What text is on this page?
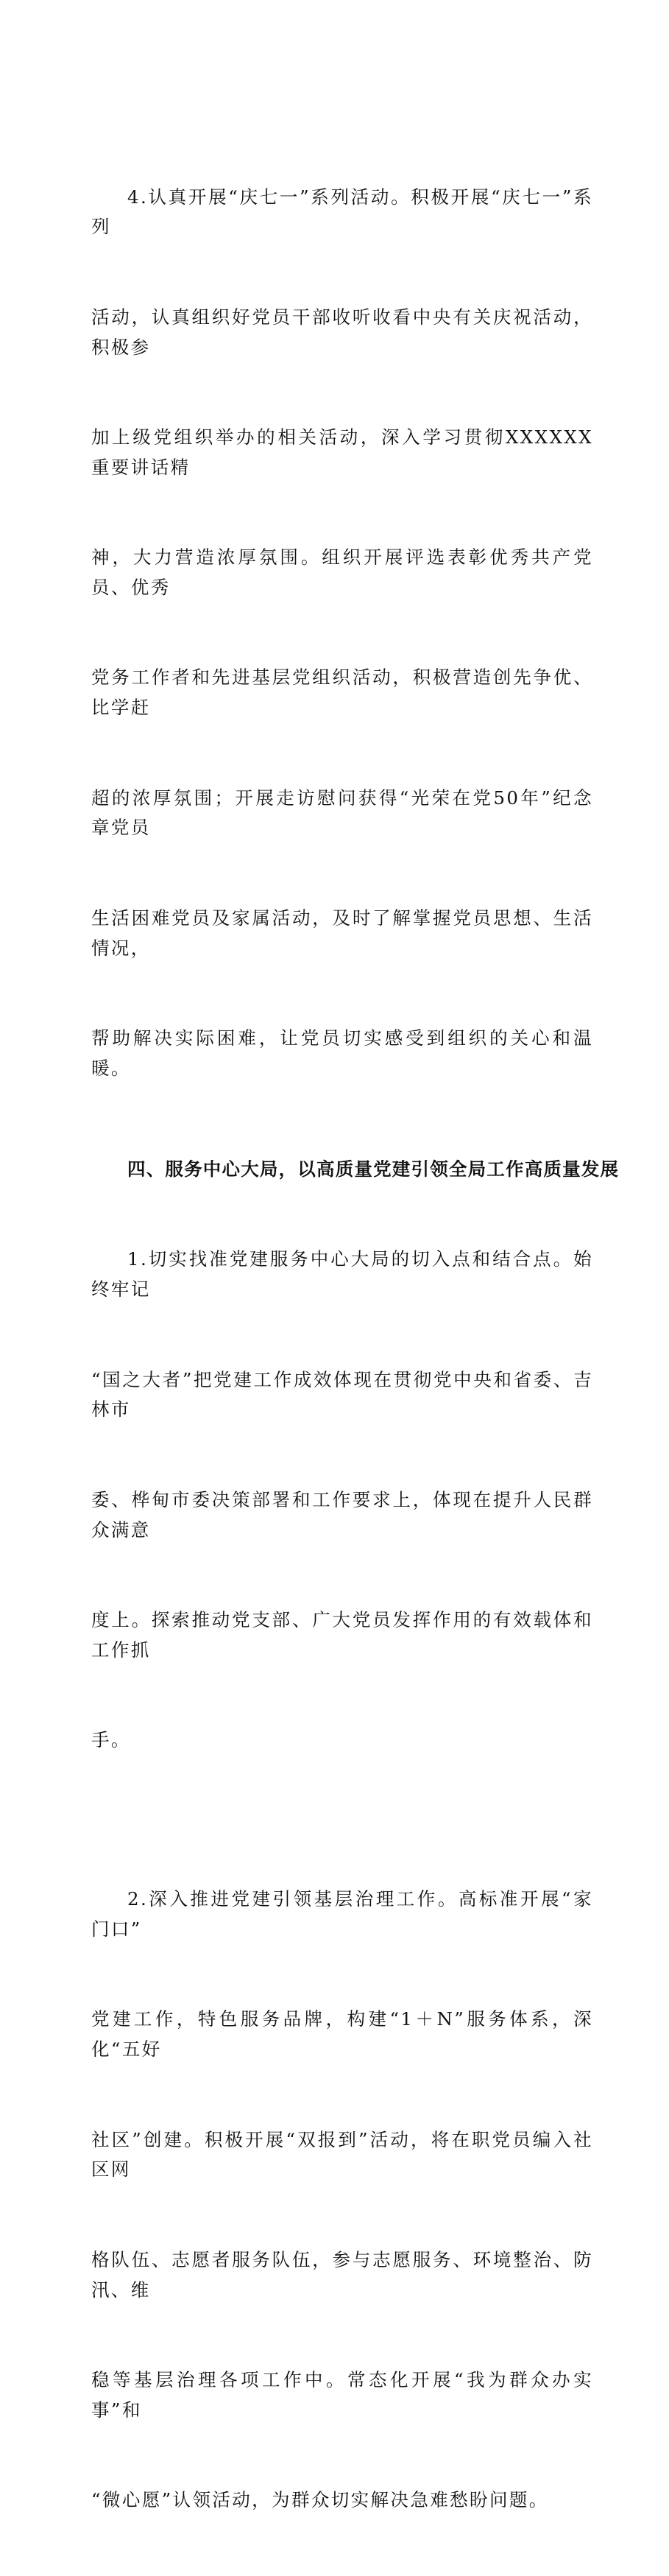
4.认真开展“庆七一”系列活动。积极开展“庆七一”系列

活动，认真组织好党员干部收听收看中央有关庆祝活动，积极参

加上级党组织举办的相关活动，深入学习贯彻XXXXXX重要讲话精

神，大力营造浓厚氛围。组织开展评选表彰优秀共产党员、优秀

党务工作者和先进基层党组织活动，积极营造创先争优、比学赶

超的浓厚氛围；开展走访慰问获得“光荣在党50年”纪念章党员

生活困难党员及家属活动，及时了解掌握党员思想、生活情况，

帮助解决实际困难，让党员切实感受到组织的关心和温暖。

四、服务中心大局，以高质量党建引领全局工作高质量发展

1.切实找准党建服务中心大局的切入点和结合点。始终牢记

“国之大者”把党建工作成效体现在贯彻党中央和省委、吉林市

委、桦甸市委决策部署和工作要求上，体现在提升人民群众满意

度上。探索推动党支部、广大党员发挥作用的有效载体和工作抓

手。

2.深入推进党建引领基层治理工作。高标准开展“家门口”

党建工作，特色服务品牌，构建“1＋N”服务体系，深化“五好

社区”创建。积极开展“双报到”活动，将在职党员编入社区网

格队伍、志愿者服务队伍，参与志愿服务、环境整治、防汛、维

稳等基层治理各项工作中。常态化开展“我为群众办实事”和

“微心愿”认领活动，为群众切实解决急难愁盼问题。
